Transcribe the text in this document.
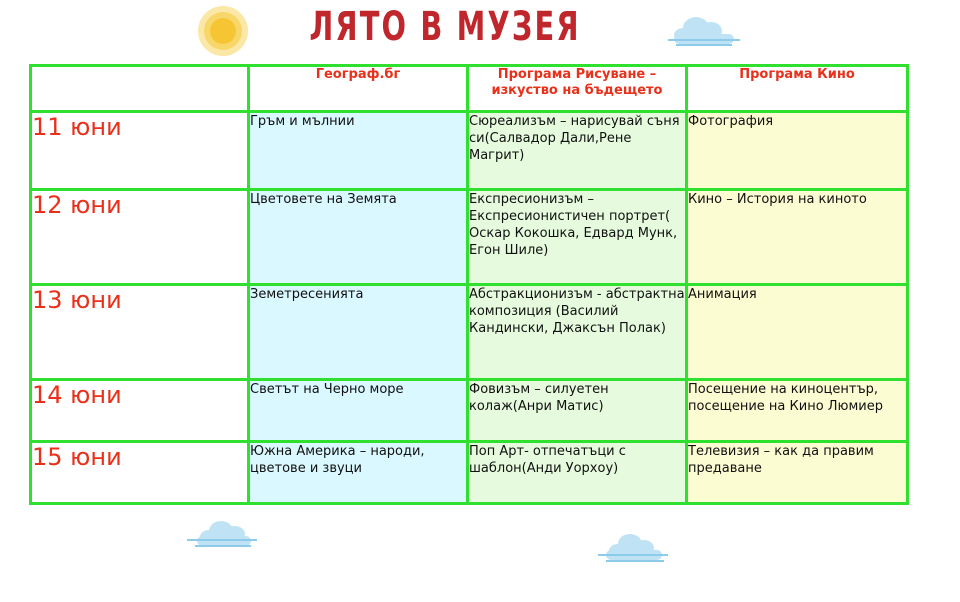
ЛЯТО В МУЗЕЯ
	Географ.бг	Програма Рисуване – изкуство на бъдещето	Програма Кино
11 юни	Гръм и мълнии	Сюреализъм – нарисувай съня си(Салвадор Дали,Рене Магрит)	Фотография
12 юни	Цветовете на Земята	Експресионизъм – Експресионистичен портрет( Оскар Кокошка, Едвард Мунк, Егон Шиле)	Кино – История на киното
13 юни	Земетресенията	Абстракционизъм - абстрактна композиция (Василий Кандински, Джаксън Полак)	Анимация
14 юни	Светът на Черно море	Фовизъм – силуетен колаж(Анри Матис)	Посещение на киноцентър, посещение на Кино Люмиер
15 юни	Южна Америка – народи, цветове и звуци	Поп Арт- отпечатъци с шаблон(Анди Уорхоу)	Телевизия – как да правим предаване
